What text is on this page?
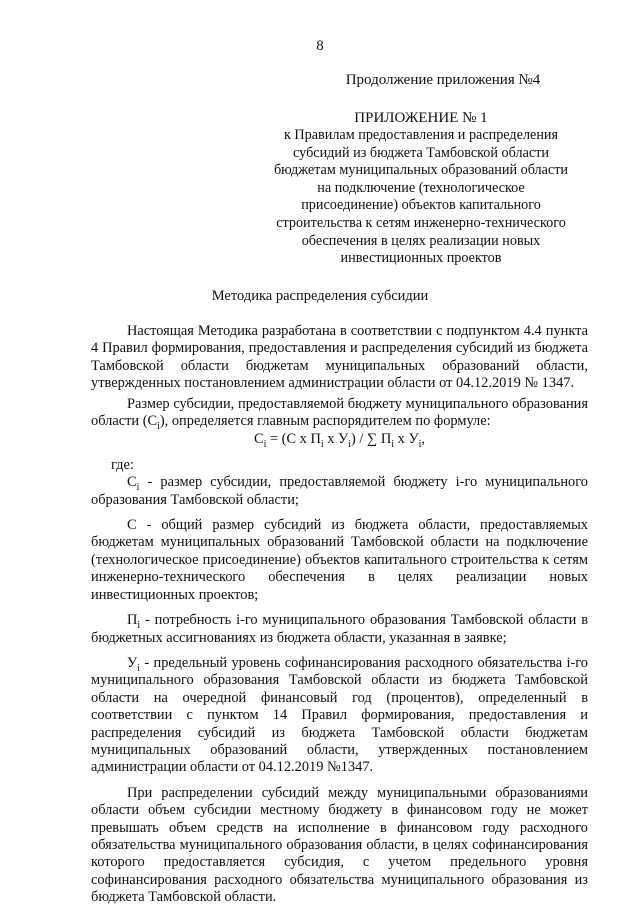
8
Продолжение приложения №4
ПРИЛОЖЕНИЕ № 1
к Правилам предоставления и распределения
субсидий из бюджета Тамбовской области
бюджетам муниципальных образований области
на подключение (технологическое
присоединение) объектов капитального
строительства к сетям инженерно-технического
обеспечения в целях реализации новых
инвестиционных проектов
Методика распределения субсидии

Настоящая Методика разработана в соответствии с подпунктом 4.4 пункта 4 Правил формирования, предоставления и распределения субсидий из бюджета Тамбовской области бюджетам муниципальных образований области, утвержденных постановлением администрации области от 04.12.2019 № 1347.

Размер субсидии, предоставляемой бюджету муниципального образования области $(С_i)$, определяется главным распорядителем по формуле:

$С_i = (С$ х $П_i$ х $У_i$) / ∑ $П_i$ х $У_i$,

где:

$С_i$ - размер субсидии, предоставляемой бюджету i-го муниципального образования Тамбовской области;

С - общий размер субсидий из бюджета области, предоставляемых бюджетам муниципальных образований Тамбовской области на подключение (технологическое присоединение) объектов капитального строительства к сетям инженерно-технического обеспечения в целях реализации новых инвестиционных проектов;

$П_i$ - потребность i-го муниципального образования Тамбовской области в бюджетных ассигнованиях из бюджета области, указанная в заявке;

$У_i$ - предельный уровень софинансирования расходного обязательства i-го муниципального образования Тамбовской области из бюджета Тамбовской области на очередной финансовый год (процентов), определенный в соответствии с пунктом 14 Правил формирования, предоставления и распределения субсидий из бюджета Тамбовской области бюджетам муниципальных образований области, утвержденных постановлением администрации области от 04.12.2019 №1347.

При распределении субсидий между муниципальными образованиями области объем субсидии местному бюджету в финансовом году не может превышать объем средств на исполнение в финансовом году расходного обязательства муниципального образования области, в целях софинансирования которого предоставляется субсидия, с учетом предельного уровня софинансирования расходного обязательства муниципального образования из бюджета Тамбовской области.
